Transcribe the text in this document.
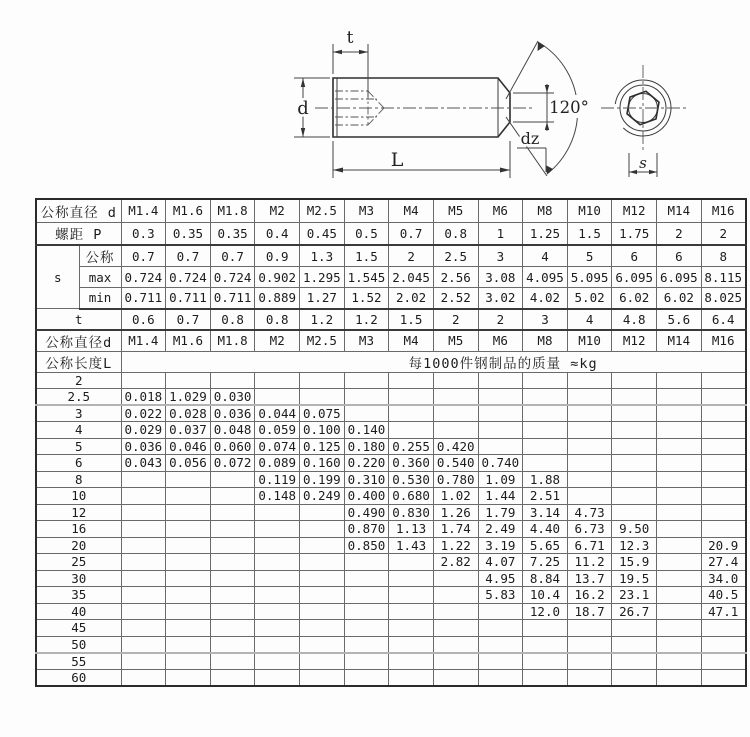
t
d
L
120°
dz
s
公称直径 d		M1.4	M1.6	M1.8	M2	M2.5	M3	M4	M5	M6	M8	M10	M12	M14	M16
螺距 P		0.3	0.35	0.35	0.4	0.45	0.5	0.7	0.8	1	1.25	1.5	1.75	2	2
s	公称	0.7	0.7	0.7	0.9	1.3	1.5	2	2.5	3	4	5	6	6	8
	max	0.724	0.724	0.724	0.902	1.295	1.545	2.045	2.56	3.08	4.095	5.095	6.095	6.095	8.115
	min	0.711	0.711	0.711	0.889	1.27	1.52	2.02	2.52	3.02	4.02	5.02	6.02	6.02	8.025
t		0.6	0.7	0.8	0.8	1.2	1.2	1.5	2	2	3	4	4.8	5.6	6.4
公称直径d		M1.4	M1.6	M1.8	M2	M2.5	M3	M4	M5	M6	M8	M10	M12	M14	M16
公称长度L		每1000件钢制品的质量 ≈kg													
2															
2.5		0.018	1.029	0.030											
3		0.022	0.028	0.036	0.044	0.075									
4		0.029	0.037	0.048	0.059	0.100	0.140								
5		0.036	0.046	0.060	0.074	0.125	0.180	0.255	0.420						
6		0.043	0.056	0.072	0.089	0.160	0.220	0.360	0.540	0.740					
8					0.119	0.199	0.310	0.530	0.780	1.09	1.88				
10					0.148	0.249	0.400	0.680	1.02	1.44	2.51				
12							0.490	0.830	1.26	1.79	3.14	4.73			
16							0.870	1.13	1.74	2.49	4.40	6.73	9.50		
20							0.850	1.43	1.22	3.19	5.65	6.71	12.3		20.9
25									2.82	4.07	7.25	11.2	15.9		27.4
30										4.95	8.84	13.7	19.5		34.0
35										5.83	10.4	16.2	23.1		40.5
40											12.0	18.7	26.7		47.1
45															
50															
55															
60															
